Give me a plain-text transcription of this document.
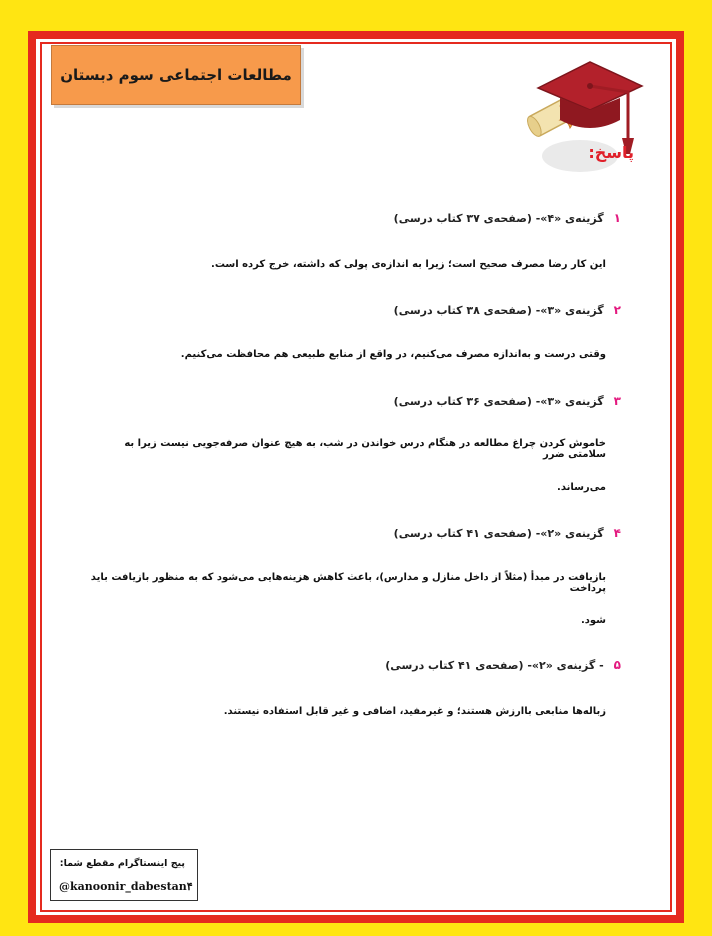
مطالعات اجتماعی سوم دبستان
پاسخ:
۱گزینه‌ی «۴»- (صفحه‌ی ۳۷ کتاب درسی)
این کار رضا مصرف صحیح است؛ زیرا به اندازه‌ی پولی که داشته، خرج کرده است.
۲گزینه‌ی «۳»- (صفحه‌ی ۳۸ کتاب درسی)
وقتی درست و به‌اندازه مصرف می‌کنیم، در واقع از منابع طبیعی هم محافظت می‌کنیم.
۳گزینه‌ی «۳»- (صفحه‌ی ۳۶ کتاب درسی)
خاموش کردن چراغ مطالعه در هنگام درس خواندن در شب، به هیچ عنوان صرفه‌جویی نیست زیرا به سلامتی ضرر
می‌رساند.
۴گزینه‌ی «۲»- (صفحه‌ی ۴۱ کتاب درسی)
بازیافت در مبدأ (مثلاً از داخل منازل و مدارس)، باعث کاهش هزینه‌هایی می‌شود که به منظور بازیافت باید پرداخت
شود.
۵- گزینه‌ی «۲»- (صفحه‌ی ۴۱ کتاب درسی)
زباله‌ها منابعی باارزش هستند؛ و غیرمفید، اضافی و غیر قابل استفاده نیستند.
پیج اینستاگرام مقطع شما:
@kanoonir_dabestan۴
